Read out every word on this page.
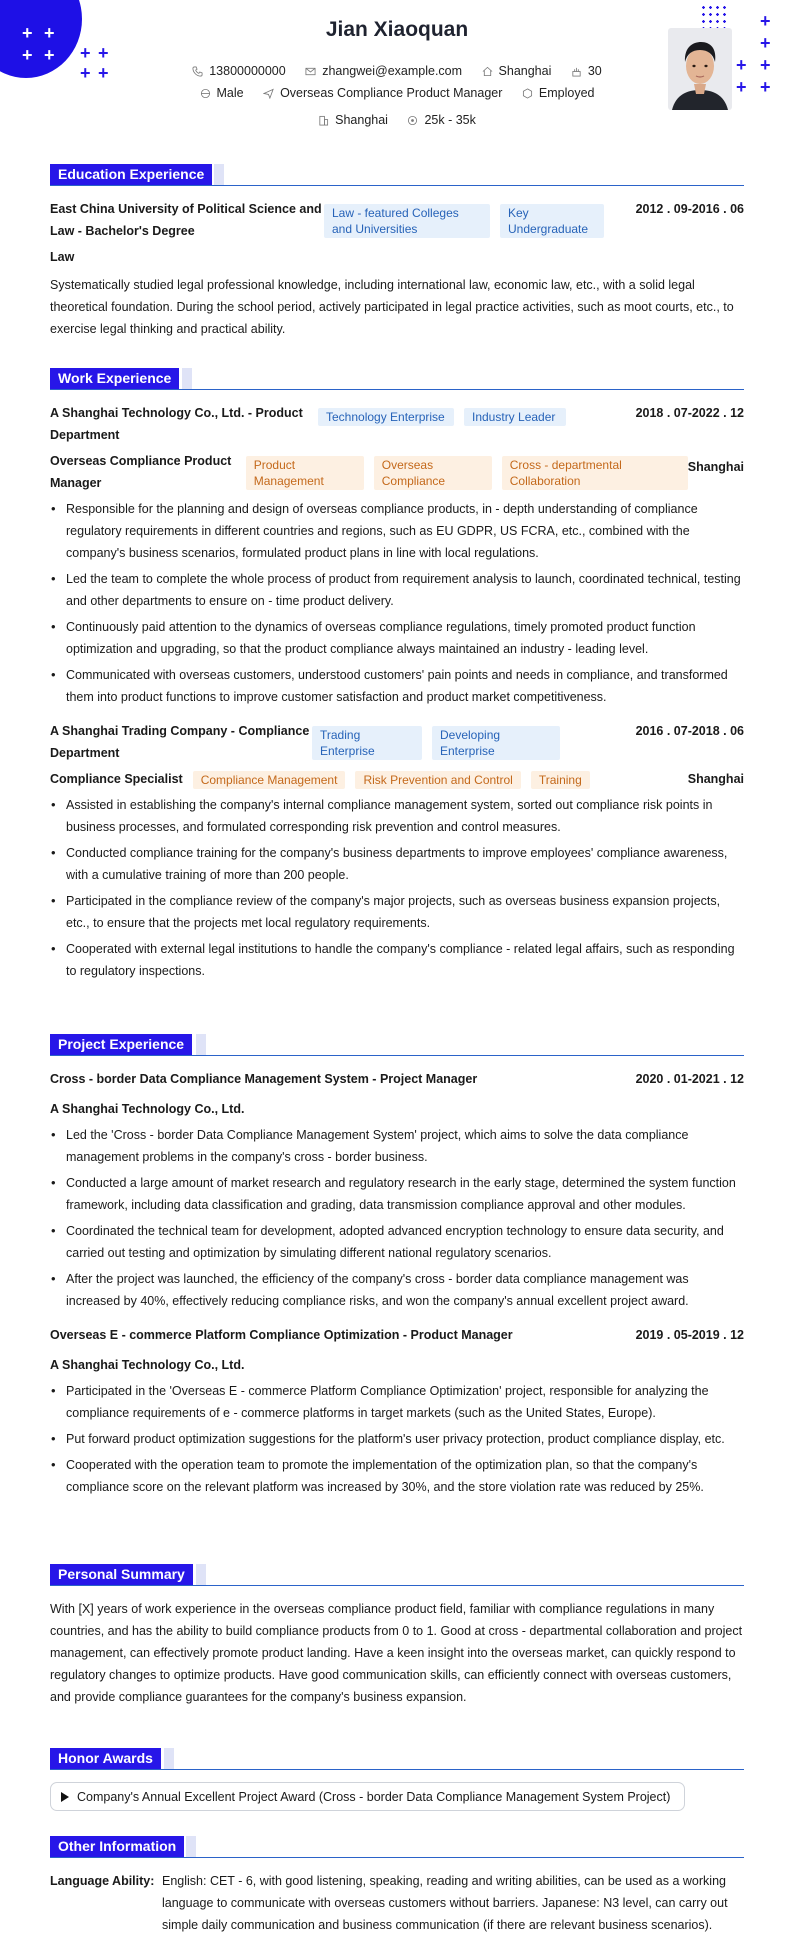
+ +
+ + + +
+ +
+
+
+ +
+ +
Jian Xiaoquan
13800000000
	zhangwei@example.com
	Shanghai
	30
Male
	Overseas Compliance Product Manager
	Employed
Shanghai
	25k - 35k
Education Experience
East China University of Political Science and Law - Bachelor's Degree
Law - featured Colleges and Universities
Key Undergraduate
2012 . 09-2016 . 06
Law
Systematically studied legal professional knowledge, including international law, economic law, etc., with a solid legal theoretical foundation. During the school period, actively participated in legal practice activities, such as moot courts, etc., to exercise legal thinking and practical ability.
Work Experience
A Shanghai Technology Co., Ltd. - Product Department
Technology Enterprise	Industry Leader	2018 . 07-2022 . 12
Overseas Compliance Product Manager
Product Management
Overseas Compliance
Cross - departmental Collaboration
Shanghai
• Responsible for the planning and design of overseas compliance products, in - depth understanding of compliance regulatory requirements in different countries and regions, such as EU GDPR, US FCRA, etc., combined with the company's business scenarios, formulated product plans in line with local regulations.
• Led the team to complete the whole process of product from requirement analysis to launch, coordinated technical, testing and other departments to ensure on - time product delivery.
• Continuously paid attention to the dynamics of overseas compliance regulations, timely promoted product function optimization and upgrading, so that the product compliance always maintained an industry - leading level.
• Communicated with overseas customers, understood customers' pain points and needs in compliance, and transformed them into product functions to improve customer satisfaction and product market competitiveness.
A Shanghai Trading Company - Compliance Department
Trading Enterprise
Developing Enterprise
2016 . 07-2018 . 06
Compliance Specialist	Compliance Management	Risk Prevention and Control	Training	Shanghai
• Assisted in establishing the company's internal compliance management system, sorted out compliance risk points in business processes, and formulated corresponding risk prevention and control measures.
• Conducted compliance training for the company's business departments to improve employees' compliance awareness, with a cumulative training of more than 200 people.
• Participated in the compliance review of the company's major projects, such as overseas business expansion projects, etc., to ensure that the projects met local regulatory requirements.
• Cooperated with external legal institutions to handle the company's compliance - related legal affairs, such as responding to regulatory inspections.
Project Experience
Cross - border Data Compliance Management System - Project Manager	2020 . 01-2021 . 12
A Shanghai Technology Co., Ltd.
• Led the 'Cross - border Data Compliance Management System' project, which aims to solve the data compliance management problems in the company's cross - border business.
• Conducted a large amount of market research and regulatory research in the early stage, determined the system function framework, including data classification and grading, data transmission compliance approval and other modules.
• Coordinated the technical team for development, adopted advanced encryption technology to ensure data security, and carried out testing and optimization by simulating different national regulatory scenarios.
• After the project was launched, the efficiency of the company's cross - border data compliance management was increased by 40%, effectively reducing compliance risks, and won the company's annual excellent project award.
Overseas E - commerce Platform Compliance Optimization - Product Manager	2019 . 05-2019 . 12
A Shanghai Technology Co., Ltd.
• Participated in the 'Overseas E - commerce Platform Compliance Optimization' project, responsible for analyzing the compliance requirements of e - commerce platforms in target markets (such as the United States, Europe).
• Put forward product optimization suggestions for the platform's user privacy protection, product compliance display, etc.
• Cooperated with the operation team to promote the implementation of the optimization plan, so that the company's compliance score on the relevant platform was increased by 30%, and the store violation rate was reduced by 25%.
Personal Summary
With [X] years of work experience in the overseas compliance product field, familiar with compliance regulations in many countries, and has the ability to build compliance products from 0 to 1. Good at cross - departmental collaboration and project management, can effectively promote product landing. Have a keen insight into the overseas market, can quickly respond to regulatory changes to optimize products. Have good communication skills, can efficiently connect with overseas customers, and provide compliance guarantees for the company's business expansion.
Honor Awards
Company's Annual Excellent Project Award (Cross - border Data Compliance Management System Project)
Other Information
Language Ability: English: CET - 6, with good listening, speaking, reading and writing abilities, can be used as a working language to communicate with overseas customers without barriers. Japanese: N3 level, can carry out simple daily communication and business communication (if there are relevant business scenarios).
